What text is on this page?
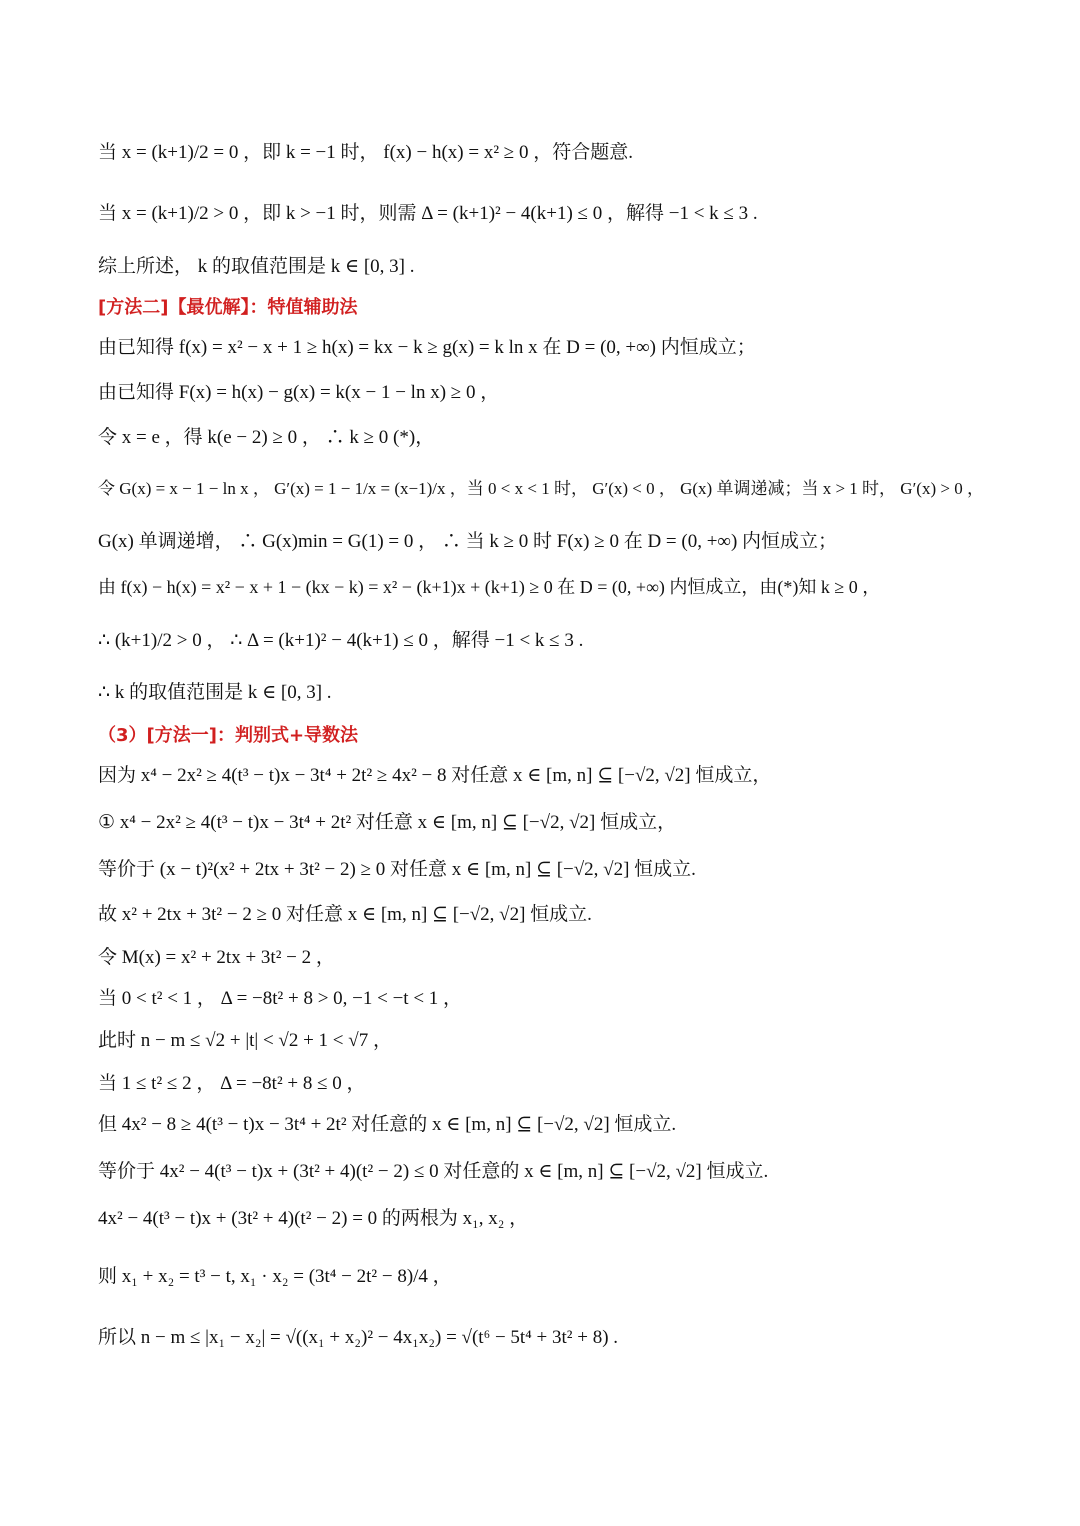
当 x = (k+1)/2 = 0 ，即 k = −1 时， f(x) − h(x) = x² ≥ 0 ，符合题意.
当 x = (k+1)/2 > 0 ，即 k > −1 时，则需 Δ = (k+1)² − 4(k+1) ≤ 0 ，解得 −1 < k ≤ 3 .
综上所述， k 的取值范围是 k ∈ [0, 3] .
[方法二]【最优解】：特值辅助法
由已知得 f(x) = x² − x + 1 ≥ h(x) = kx − k ≥ g(x) = k ln x 在 D = (0, +∞) 内恒成立；
由已知得 F(x) = h(x) − g(x) = k(x − 1 − ln x) ≥ 0 ，
令 x = e ，得 k(e − 2) ≥ 0 ， ∴ k ≥ 0 (*)，
令 G(x) = x − 1 − ln x ， G′(x) = 1 − 1/x = (x−1)/x ，当 0 < x < 1 时， G′(x) < 0 ， G(x) 单调递减；当 x > 1 时， G′(x) > 0 ，
G(x) 单调递增， ∴ G(x)min = G(1) = 0 ， ∴ 当 k ≥ 0 时 F(x) ≥ 0 在 D = (0, +∞) 内恒成立；
由 f(x) − h(x) = x² − x + 1 − (kx − k) = x² − (k+1)x + (k+1) ≥ 0 在 D = (0, +∞) 内恒成立，由(*)知 k ≥ 0 ，
∴ (k+1)/2 > 0 ， ∴ Δ = (k+1)² − 4(k+1) ≤ 0 ，解得 −1 < k ≤ 3 .
∴ k 的取值范围是 k ∈ [0, 3] .
（3）[方法一]：判别式+导数法
因为 x⁴ − 2x² ≥ 4(t³ − t)x − 3t⁴ + 2t² ≥ 4x² − 8 对任意 x ∈ [m, n] ⊆ [−√2, √2] 恒成立，
① x⁴ − 2x² ≥ 4(t³ − t)x − 3t⁴ + 2t² 对任意 x ∈ [m, n] ⊆ [−√2, √2] 恒成立，
等价于 (x − t)²(x² + 2tx + 3t² − 2) ≥ 0 对任意 x ∈ [m, n] ⊆ [−√2, √2] 恒成立.
故 x² + 2tx + 3t² − 2 ≥ 0 对任意 x ∈ [m, n] ⊆ [−√2, √2] 恒成立.
令 M(x) = x² + 2tx + 3t² − 2 ，
当 0 < t² < 1 ， Δ = −8t² + 8 > 0, −1 < −t < 1 ，
此时 n − m ≤ √2 + |t| < √2 + 1 < √7 ，
当 1 ≤ t² ≤ 2 ， Δ = −8t² + 8 ≤ 0 ，
但 4x² − 8 ≥ 4(t³ − t)x − 3t⁴ + 2t² 对任意的 x ∈ [m, n] ⊆ [−√2, √2] 恒成立.
等价于 4x² − 4(t³ − t)x + (3t² + 4)(t² − 2) ≤ 0 对任意的 x ∈ [m, n] ⊆ [−√2, √2] 恒成立.
4x² − 4(t³ − t)x + (3t² + 4)(t² − 2) = 0 的两根为 x₁, x₂ ，
则 x₁ + x₂ = t³ − t, x₁ · x₂ = (3t⁴ − 2t² − 8)/4 ，
所以 n − m ≤ |x₁ − x₂| = √((x₁ + x₂)² − 4x₁x₂) = √(t⁶ − 5t⁴ + 3t² + 8) .
